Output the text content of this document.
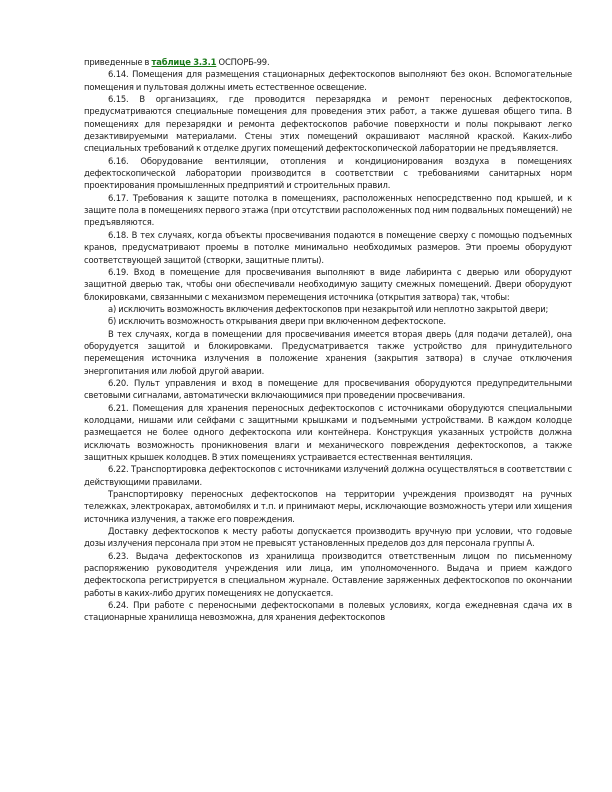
приведенные в таблице 3.3.1 ОСПОРБ-99.

6.14. Помещения для размещения стационарных дефектоскопов выполняют без окон. Вспомогательные помещения и пультовая должны иметь естественное освещение.

6.15. В организациях, где проводится перезарядка и ремонт переносных дефектоскопов, предусматриваются специальные помещения для проведения этих работ, а также душевая общего типа. В помещениях для перезарядки и ремонта дефектоскопов рабочие поверхности и полы покрывают легко дезактивируемыми материалами. Стены этих помещений окрашивают масляной краской. Каких-либо специальных требований к отделке других помещений дефектоскопической лаборатории не предъявляется.

6.16. Оборудование вентиляции, отопления и кондиционирования воздуха в помещениях дефектоскопической лаборатории производится в соответствии с требованиями санитарных норм проектирования промышленных предприятий и строительных правил.

6.17. Требования к защите потолка в помещениях, расположенных непосредственно под крышей, и к защите пола в помещениях первого этажа (при отсутствии расположенных под ним подвальных помещений) не предъявляются.

6.18. В тех случаях, когда объекты просвечивания подаются в помещение сверху с помощью подъемных кранов, предусматривают проемы в потолке минимально необходимых размеров. Эти проемы оборудуют соответствующей защитой (створки, защитные плиты).

6.19. Вход в помещение для просвечивания выполняют в виде лабиринта с дверью или оборудуют защитной дверью так, чтобы они обеспечивали необходимую защиту смежных помещений. Двери оборудуют блокировками, связанными с механизмом перемещения источника (открытия затвора) так, чтобы:

а) исключить возможность включения дефектоскопов при незакрытой или неплотно закрытой двери;

б) исключить возможность открывания двери при включенном дефектоскопе.

В тех случаях, когда в помещении для просвечивания имеется вторая дверь (для подачи деталей), она оборудуется защитой и блокировками. Предусматривается также устройство для принудительного перемещения источника излучения в положение хранения (закрытия затвора) в случае отключения энергопитания или любой другой аварии.

6.20. Пульт управления и вход в помещение для просвечивания оборудуются предупредительными световыми сигналами, автоматически включающимися при проведении просвечивания.

6.21. Помещения для хранения переносных дефектоскопов с источниками оборудуются специальными колодцами, нишами или сейфами с защитными крышками и подъемными устройствами. В каждом колодце размещается не более одного дефектоскопа или контейнера. Конструкция указанных устройств должна исключать возможность проникновения влаги и механического повреждения дефектоскопов, а также защитных крышек колодцев. В этих помещениях устраивается естественная вентиляция.

6.22. Транспортировка дефектоскопов с источниками излучений должна осуществляться в соответствии с действующими правилами.

Транспортировку переносных дефектоскопов на территории учреждения производят на ручных тележках, электрокарах, автомобилях и т.п. и принимают меры, исключающие возможность утери или хищения источника излучения, а также его повреждения.

Доставку дефектоскопов к месту работы допускается производить вручную при условии, что годовые дозы излучения персонала при этом не превысят установленных пределов доз для персонала группы А.

6.23. Выдача дефектоскопов из хранилища производится ответственным лицом по письменному распоряжению руководителя учреждения или лица, им уполномоченного. Выдача и прием каждого дефектоскопа регистрируется в специальном журнале. Оставление заряженных дефектоскопов по окончании работы в каких-либо других помещениях не допускается.

6.24. При работе с переносными дефектоскопами в полевых условиях, когда ежедневная сдача их в стационарные хранилища невозможна, для хранения дефектоскопов
